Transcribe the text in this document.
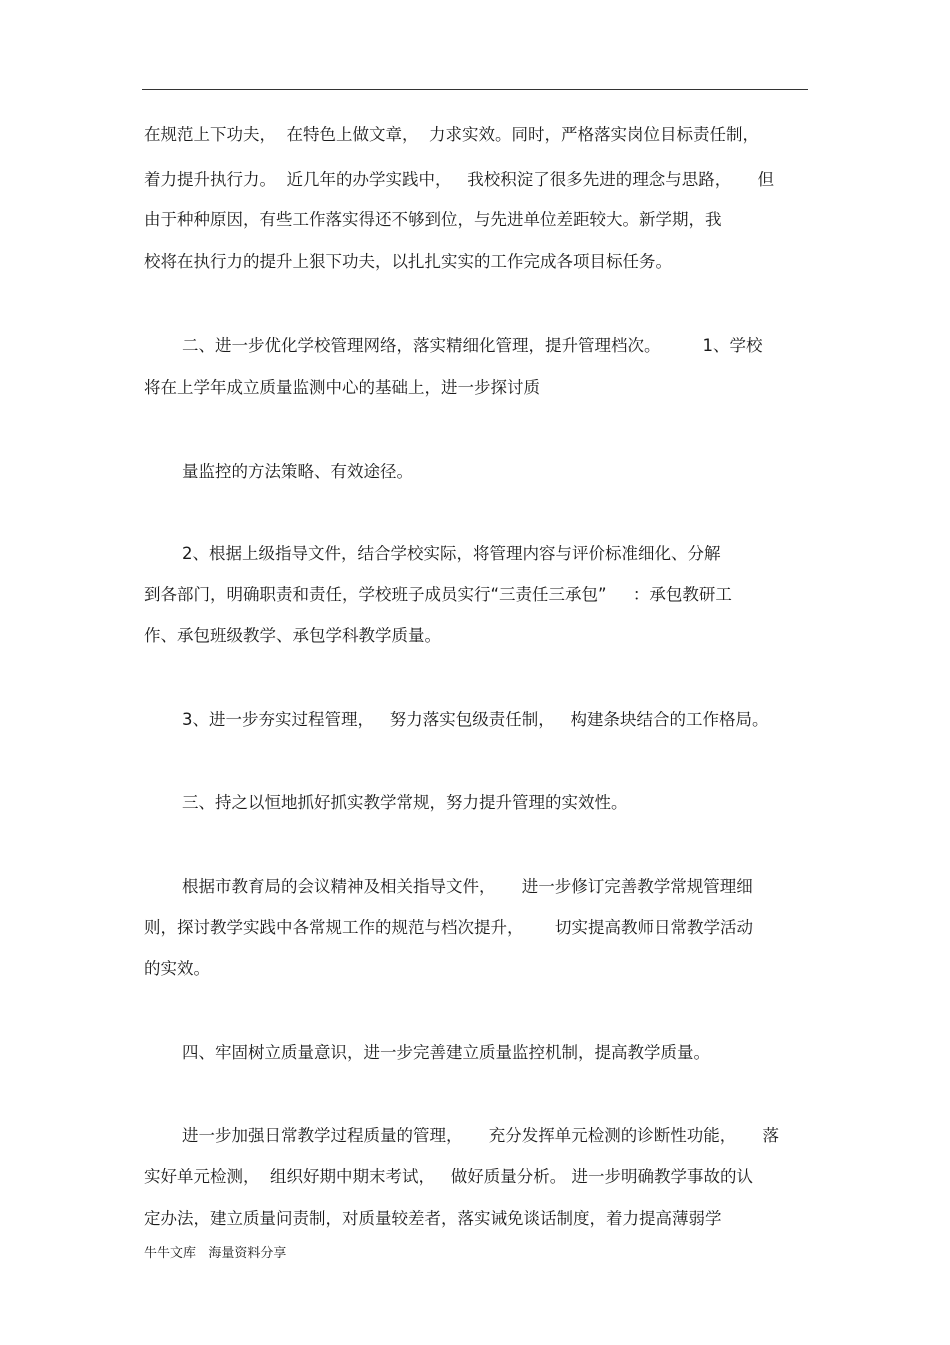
在规范上下功夫，  在特色上做文章，  力求实效。同时，严格落实岗位目标责任制，
着力提升执行力。  近几年的办学实践中，   我校积淀了很多先进的理念与思路，     但
由于种种原因，有些工作落实得还不够到位，与先进单位差距较大。新学期，我
校将在执行力的提升上狠下功夫，以扎扎实实的工作完成各项目标任务。
二、进一步优化学校管理网络，落实精细化管理，提升管理档次。        1、学校
将在上学年成立质量监测中心的基础上，进一步探讨质
量监控的方法策略、有效途径。
2、根据上级指导文件，结合学校实际，将管理内容与评价标准细化、分解
到各部门，明确职责和责任，学校班子成员实行“三责任三承包”     ：承包教研工
作、承包班级教学、承包学科教学质量。
3、进一步夯实过程管理，   努力落实包级责任制，   构建条块结合的工作格局。
三、持之以恒地抓好抓实教学常规，努力提升管理的实效性。
根据市教育局的会议精神及相关指导文件，     进一步修订完善教学常规管理细
则，探讨教学实践中各常规工作的规范与档次提升，      切实提高教师日常教学活动
的实效。
四、牢固树立质量意识，进一步完善建立质量监控机制，提高教学质量。
进一步加强日常教学过程质量的管理，     充分发挥单元检测的诊断性功能，     落
实好单元检测，  组织好期中期末考试，   做好质量分析。 进一步明确教学事故的认
定办法，建立质量问责制，对质量较差者，落实诫免谈话制度，着力提高薄弱学
牛牛文库   海量资料分享
